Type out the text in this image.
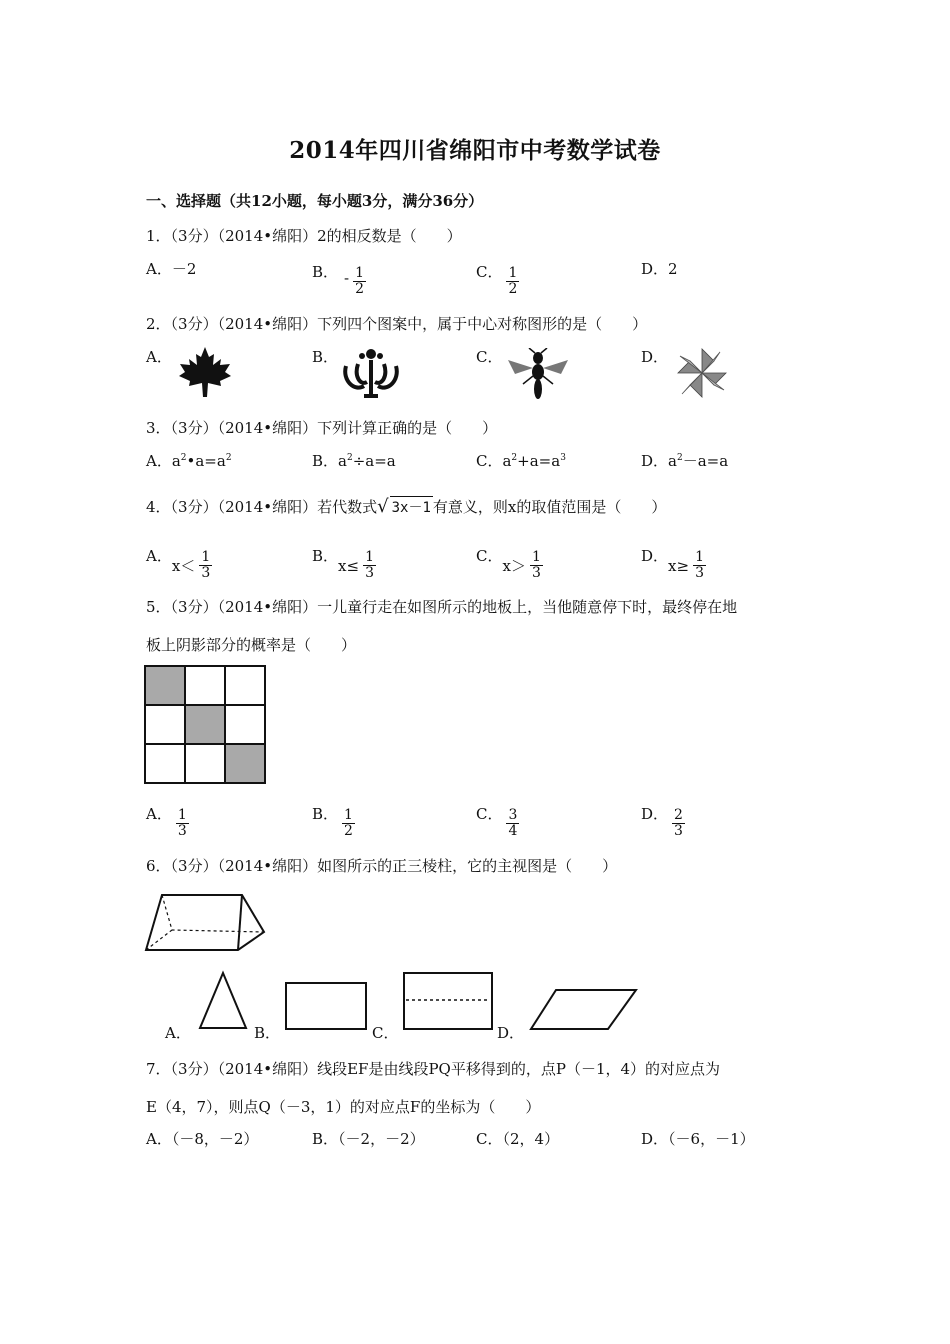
2014年四川省绵阳市中考数学试卷
一、选择题（共12小题，每小题3分，满分36分）
1．（3分）（2014•绵阳）2的相反数是（　　）
A．－2	B． - $\frac{1}{2}$	C． $\frac{1}{2}$	D．2
2．（3分）（2014•绵阳）下列四个图案中，属于中心对称图形的是（　　）
A．	B．	C．	D．
3．（3分）（2014•绵阳）下列计算正确的是（　　）
A．$a^2•a=a^2$	B．$a^2\div a=a$	C．$a^2+a=a^3$	D．$a^2-a=a$
4．（3分）（2014•绵阳）若代数式√ 3x－1 有意义，则x的取值范围是（　　）
A．$x< \frac{1}{3}$	B．$x\le \frac{1}{3}$	C．$x> \frac{1}{3}$	D．$x\ge \frac{1}{3}$
5．（3分）（2014•绵阳）一儿童行走在如图所示的地板上，当他随意停下时，最终停在地
板上阴影部分的概率是（　　）

A． $\frac{1}{3}$	B． $\frac{1}{2}$	C． $\frac{3}{4}$	D． $\frac{2}{3}$
6．（3分）（2014•绵阳）如图所示的正三棱柱，它的主视图是（　　）
A．	B．	C．	D．
7．（3分）（2014•绵阳）线段EF是由线段PQ平移得到的，点P（－1，4）的对应点为
E（4，7），则点Q（－3，1）的对应点F的坐标为（　　）
A．（－8，－2）	B．（－2，－2）	C．（2，4）	D．（－6，－1）
